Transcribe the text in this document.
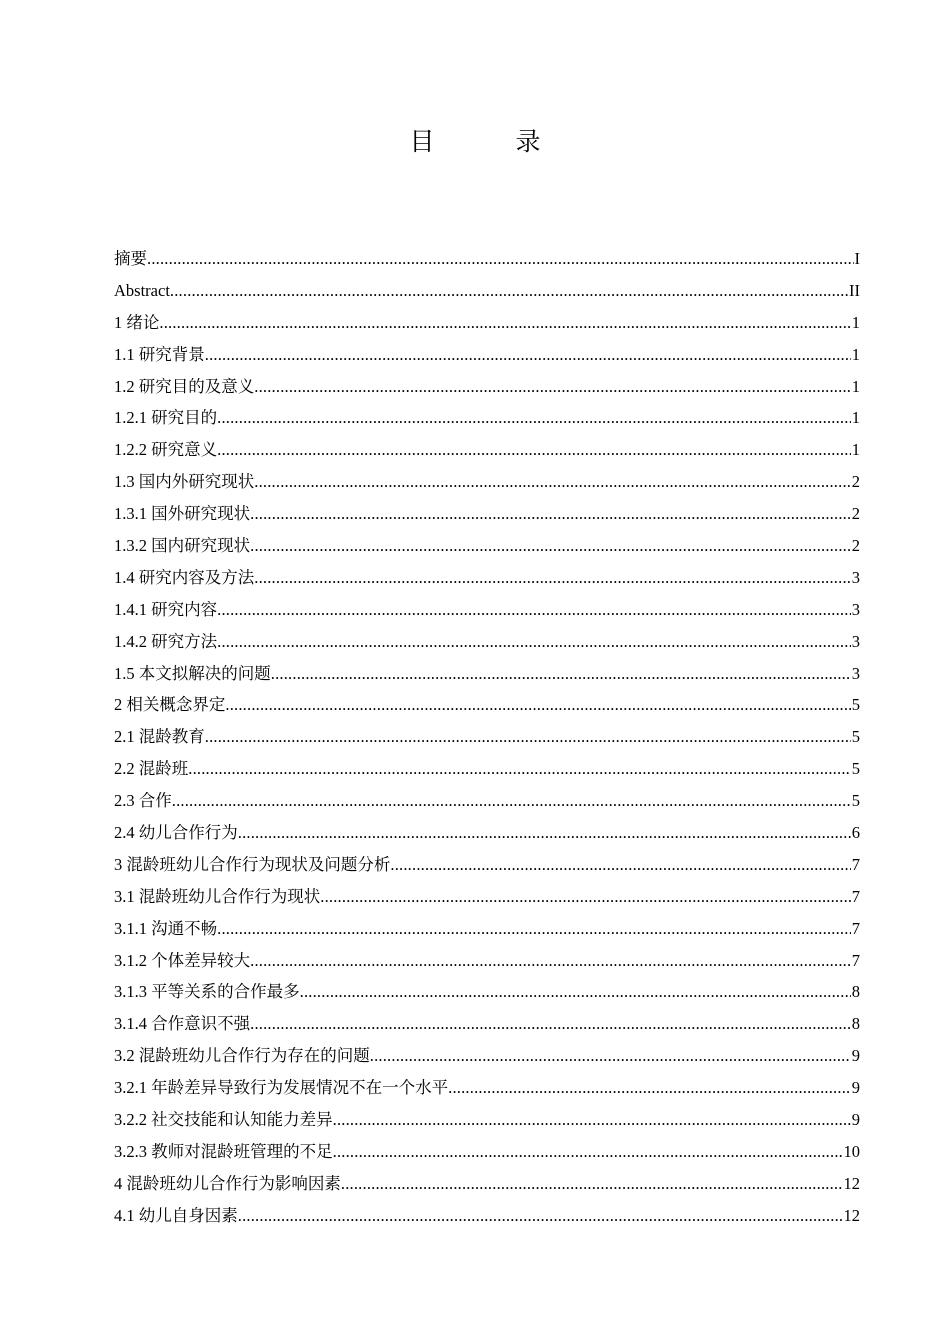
目　录
摘要 .....	I
Abstract .....	II
1 绪论 .....	1
1.1 研究背景 .....	1
1.2 研究目的及意义 .....	1
1.2.1 研究目的 .....	1
1.2.2 研究意义 .....	1
1.3 国内外研究现状 .....	2
1.3.1 国外研究现状 .....	2
1.3.2 国内研究现状 .....	2
1.4 研究内容及方法 .....	3
1.4.1 研究内容 .....	3
1.4.2 研究方法 .....	3
1.5 本文拟解决的问题 .....	3
2 相关概念界定 .....	5
2.1 混龄教育 .....	5
2.2 混龄班 .....	5
2.3 合作 .....	5
2.4 幼儿合作行为 .....	6
3 混龄班幼儿合作行为现状及问题分析 .....	7
3.1 混龄班幼儿合作行为现状 .....	7
3.1.1 沟通不畅 .....	7
3.1.2 个体差异较大 .....	7
3.1.3 平等关系的合作最多 .....	8
3.1.4 合作意识不强 .....	8
3.2 混龄班幼儿合作行为存在的问题 .....	9
3.2.1 年龄差异导致行为发展情况不在一个水平 .....	9
3.2.2 社交技能和认知能力差异 .....	9
3.2.3 教师对混龄班管理的不足 .....	10
4 混龄班幼儿合作行为影响因素 .....	12
4.1 幼儿自身因素 .....	12
